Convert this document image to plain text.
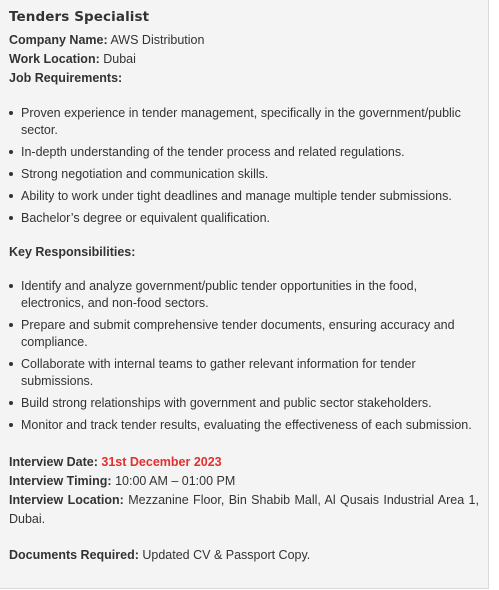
Tenders Specialist
Company Name: AWS Distribution
Work Location: Dubai
Job Requirements:
Proven experience in tender management, specifically in the government/public sector.
In-depth understanding of the tender process and related regulations.
Strong negotiation and communication skills.
Ability to work under tight deadlines and manage multiple tender submissions.
Bachelor’s degree or equivalent qualification.
Key Responsibilities:
Identify and analyze government/public tender opportunities in the food, electronics, and non-food sectors.
Prepare and submit comprehensive tender documents, ensuring accuracy and compliance.
Collaborate with internal teams to gather relevant information for tender submissions.
Build strong relationships with government and public sector stakeholders.
Monitor and track tender results, evaluating the effectiveness of each submission.
Interview Date: 31st December 2023
Interview Timing: 10:00 AM – 01:00 PM
Interview Location: Mezzanine Floor, Bin Shabib Mall, Al Qusais Industrial Area 1, Dubai.
Documents Required: Updated CV & Passport Copy.
